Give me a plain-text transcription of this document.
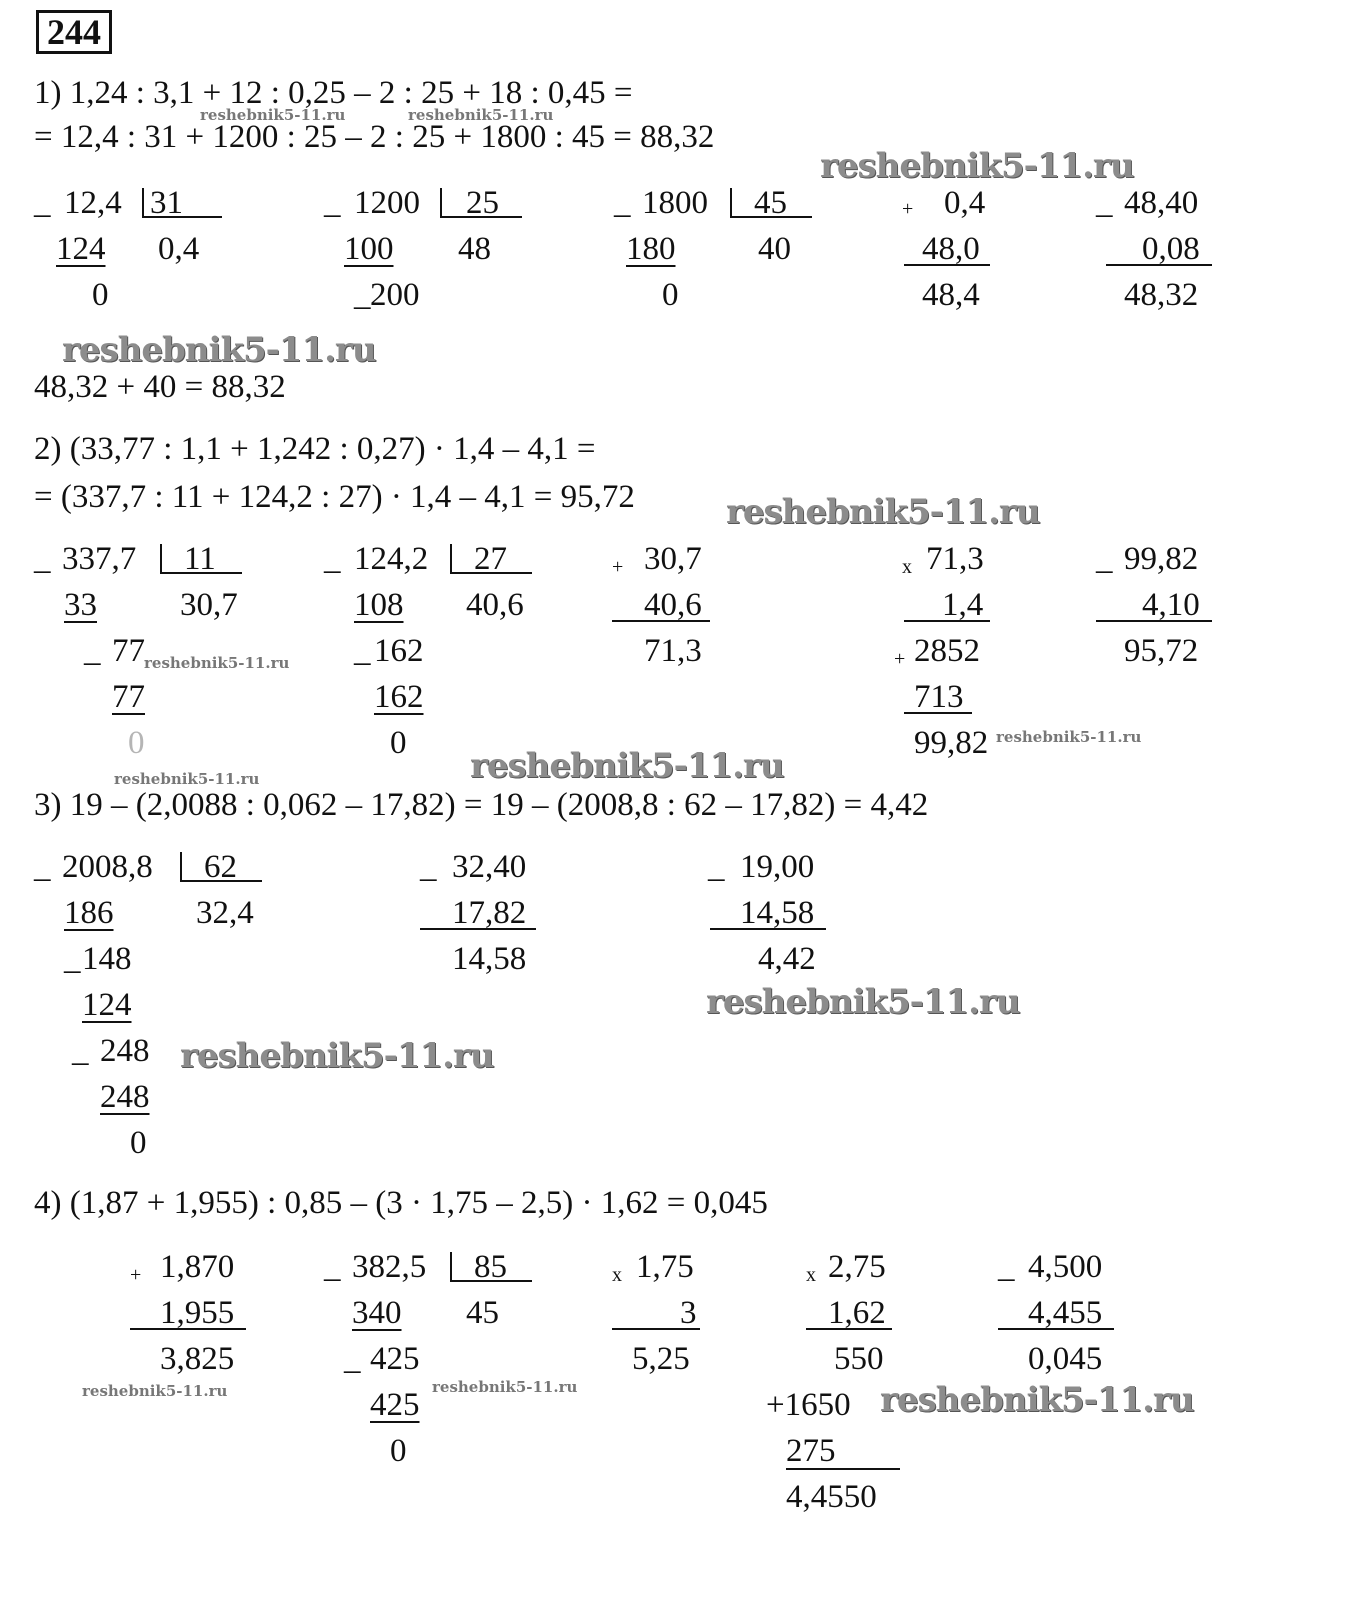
244
1) 1,24 : 3,1 + 12 : 0,25 – 2 : 25 + 18 : 0,45 =
= 12,4 : 31 + 1200 : 25 – 2 : 25 + 1800 : 45 = 88,32
_ 12,4 31
124 0,4
0
_ 1200 25
100 48
_ 200
_ 1800 45
180	40
0
+ 0,4
48,0
48,4
_ 48,40
0,08
48,32
48,32 + 40 = 88,32
2) (33,77 : 1,1 + 1,242 : 0,27) · 1,4 – 4,1 =
= (337,7 : 11 + 124,2 : 27) · 1,4 – 4,1 = 95,72
_ 337,7 11
33	30,7
_ 77
77
0
_ 124,2 27
108 40,6
_ 162
162
0
+ 30,7
40,6
71,3
x 71,3
1,4
+ 2852
713
99,82
_ 99,82
4,10
95,72
3) 19 – (2,0088 : 0,062 – 17,82) = 19 – (2008,8 : 62 – 17,82) = 4,42
_ 2008,8 62
186	32,4
_ 148
124
_ 248
248
0
_ 32,40
17,82
14,58
_ 19,00
14,58
4,42
4) (1,87 + 1,955) : 0,85 – (3 · 1,75 – 2,5) · 1,62 = 0,045
+ 1,870
1,955
3,825
_ 382,5 85
340 45
_ 425
425
0
x 1,75
3
5,25
x 2,75
1,62
550
+1650
275
4,4550
_ 4,500
4,455
0,045
reshebnik5-11.ru	reshebnik5-11.ru
reshebnik5-11.ru
reshebnik5-11.ru
reshebnik5-11.ru
reshebnik5-11.ru
reshebnik5-11.ru
reshebnik5-11.ru
reshebnik5-11.ru
reshebnik5-11.ru
reshebnik5-11.ru
reshebnik5-11.ru	reshebnik5-11.ru	reshebnik5-11.ru
